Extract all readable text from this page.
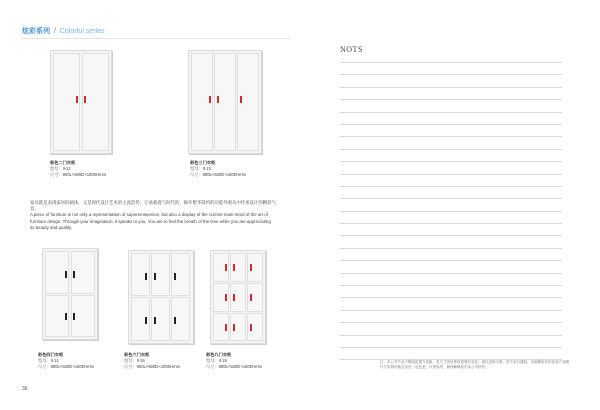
炫彩系列 / Colorful series
彩色二门衣柜
型号：Il-12
尺寸：900L×500D×1800Hmm
彩色三门衣柜
型号：Il-13
尺寸：900L×500D×1800Hmm

家具既是表现家居的载体，又是现代设计艺术的主流趋势，它承载着与时代的，摒弃繁华简约的功能外观从中传承设计的精彩气息。

A piece of furniture is not only a representation of superemineence, but also a display of the current main trend of the art of

furniture design. Through your imagination, it speaks to you. You are to feel the breath of the time while you are appreciating

its beauty and quality.

彩色四门衣柜
型号：Il-14
尺寸：900L×500D×1800Hmm
彩色六门衣柜
型号：Il-16
尺寸：900L×500D×1800Hmm
彩色九门衣柜
型号：Il-19
尺寸：900L×500D×1800Hmm
36
NOTS
注：本公司产品不断改进提升更新，若尺寸因应使用需要有变化，请以实物为准，恕不另行通知。本画册所有内容及产品图片与实物可能会存在一定色差，仅供参考，最终解释权归本公司所有。
